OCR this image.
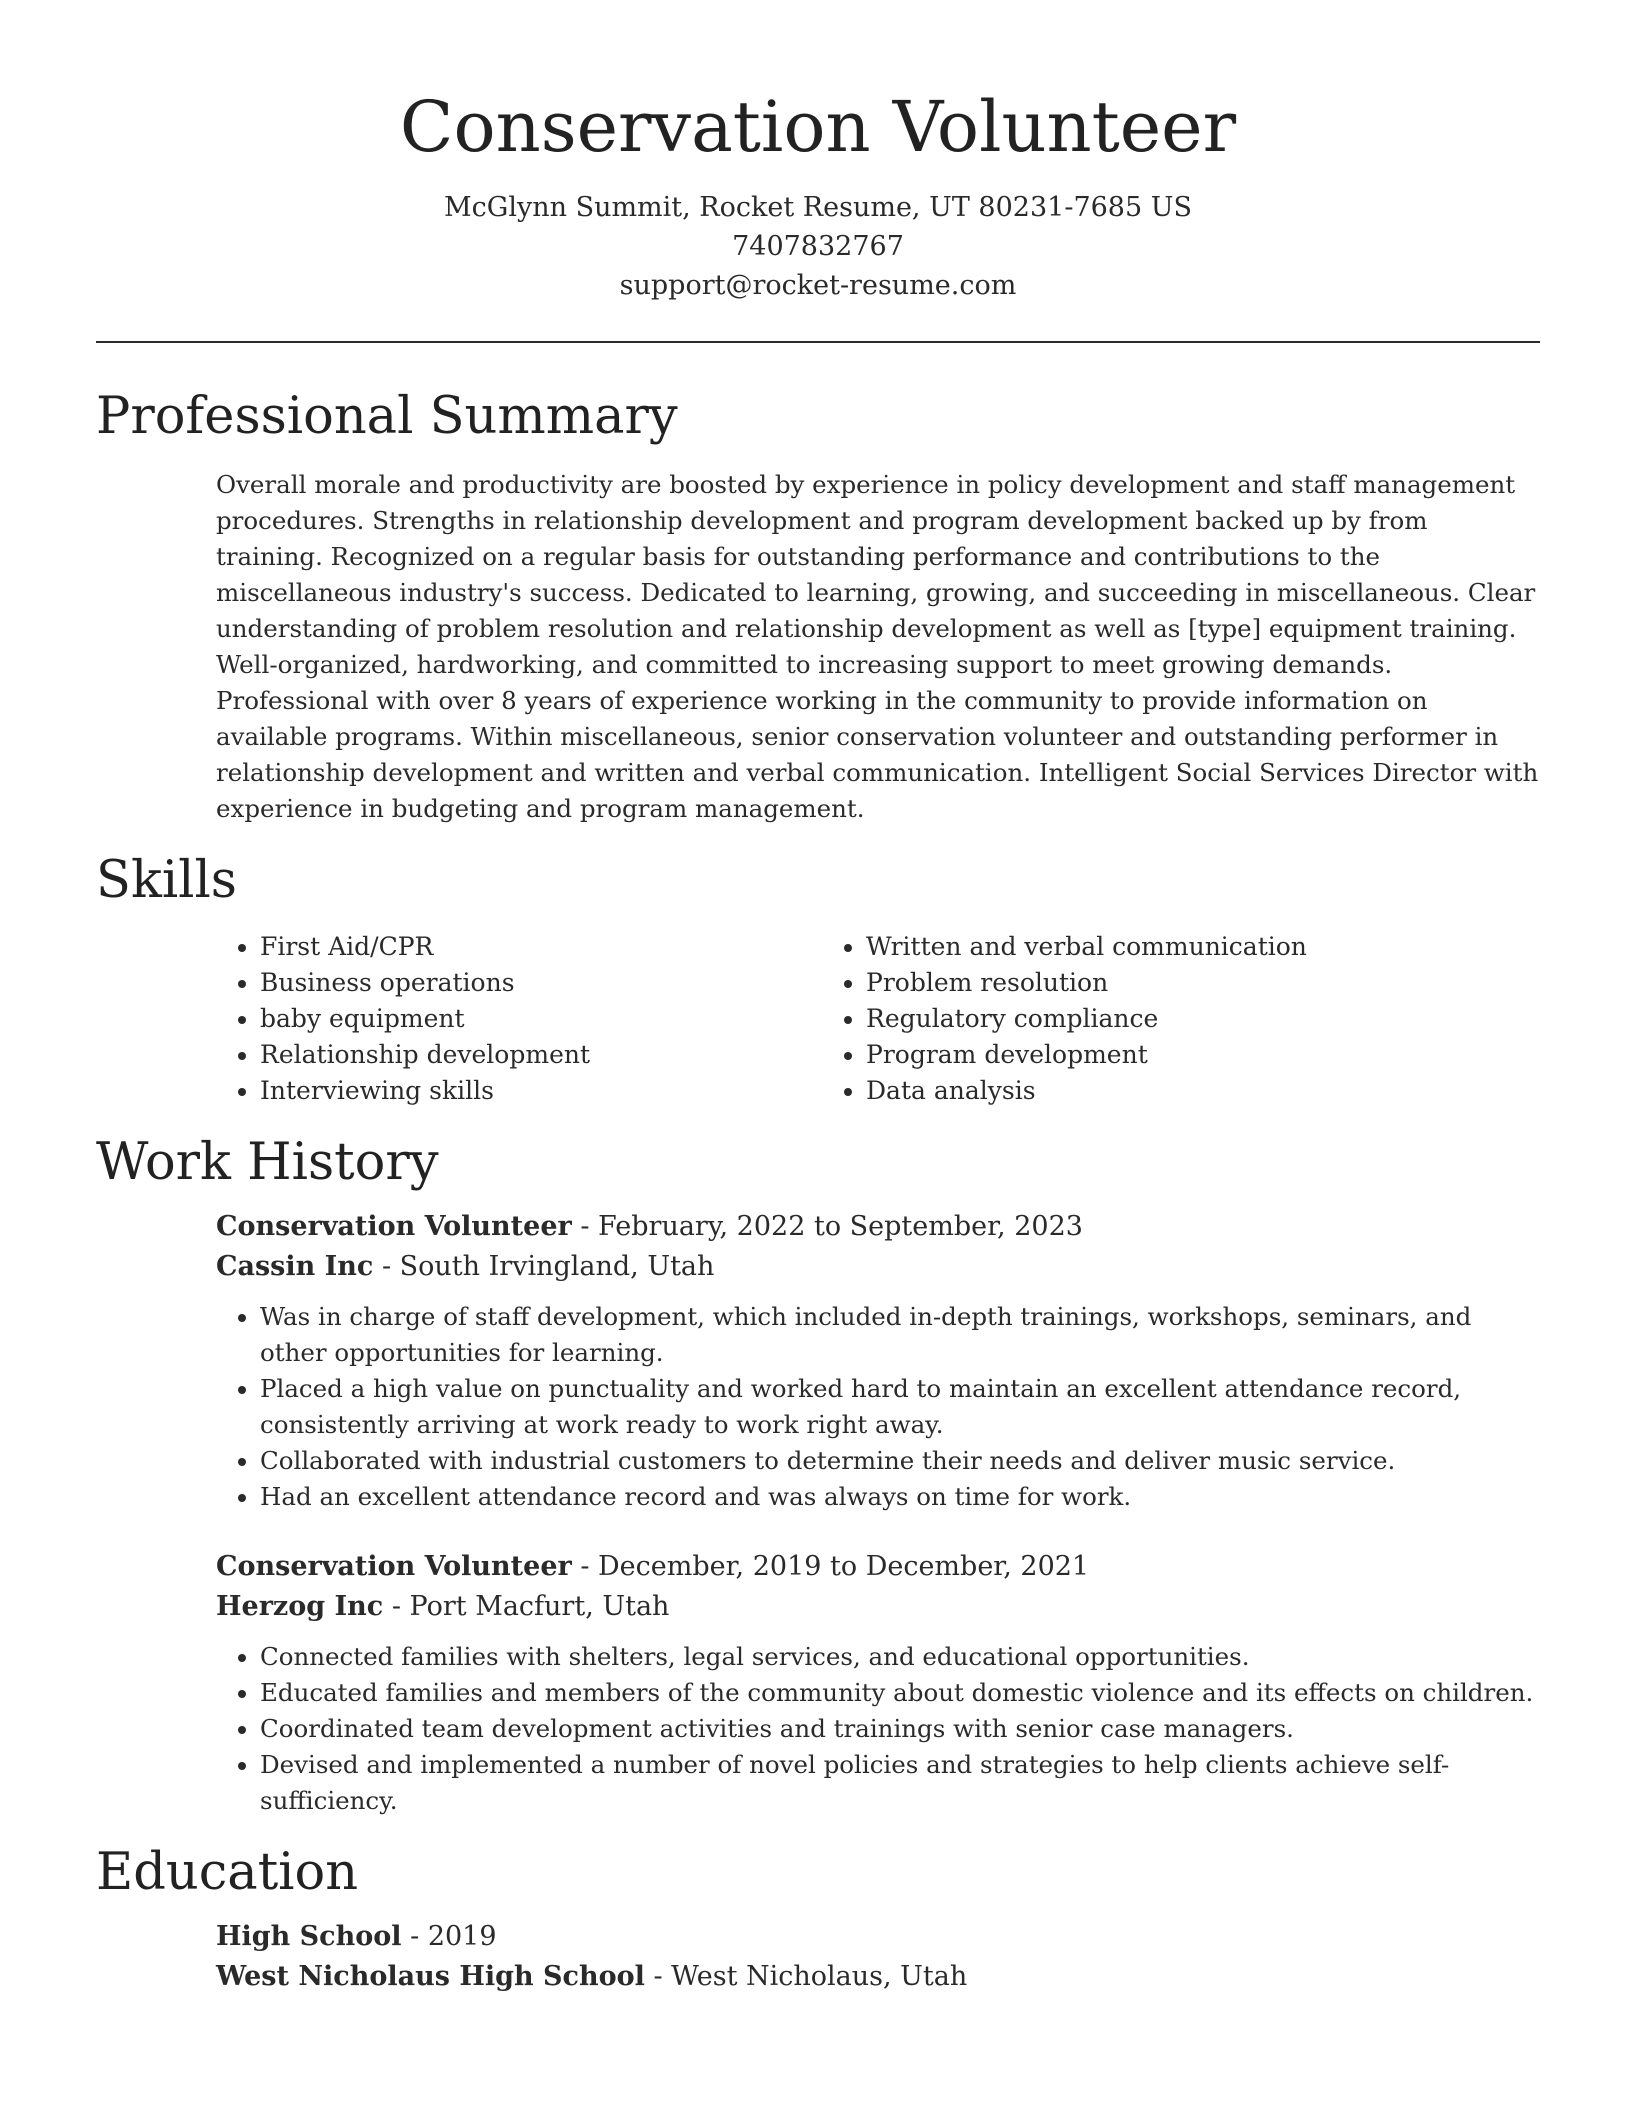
Conservation Volunteer
McGlynn Summit, Rocket Resume, UT 80231-7685 US
7407832767
support@rocket-resume.com
Professional Summary

Overall morale and productivity are boosted by experience in policy development and staff management procedures. Strengths in relationship development and program development backed up by from training. Recognized on a regular basis for outstanding performance and contributions to the miscellaneous industry's success. Dedicated to learning, growing, and succeeding in miscellaneous. Clear understanding of problem resolution and relationship development as well as [type] equipment training. Well-organized, hardworking, and committed to increasing support to meet growing demands. Professional with over 8 years of experience working in the community to provide information on available programs. Within miscellaneous, senior conservation volunteer and outstanding performer in relationship development and written and verbal communication. Intelligent Social Services Director with experience in budgeting and program management.

Skills
• First Aid/CPR
• Business operations
• baby equipment
• Relationship development
• Interviewing skills
• Written and verbal communication
• Problem resolution
• Regulatory compliance
• Program development
• Data analysis
Work History
Conservation Volunteer - February, 2022 to September, 2023
Cassin Inc - South Irvingland, Utah
• Was in charge of staff development, which included in-depth trainings, workshops, seminars, and other opportunities for learning.
• Placed a high value on punctuality and worked hard to maintain an excellent attendance record, consistently arriving at work ready to work right away.
• Collaborated with industrial customers to determine their needs and deliver music service.
• Had an excellent attendance record and was always on time for work.
Conservation Volunteer - December, 2019 to December, 2021
Herzog Inc - Port Macfurt, Utah
• Connected families with shelters, legal services, and educational opportunities.
• Educated families and members of the community about domestic violence and its effects on children.
• Coordinated team development activities and trainings with senior case managers.
• Devised and implemented a number of novel policies and strategies to help clients achieve self-sufficiency.
Education
High School - 2019
West Nicholaus High School - West Nicholaus, Utah
